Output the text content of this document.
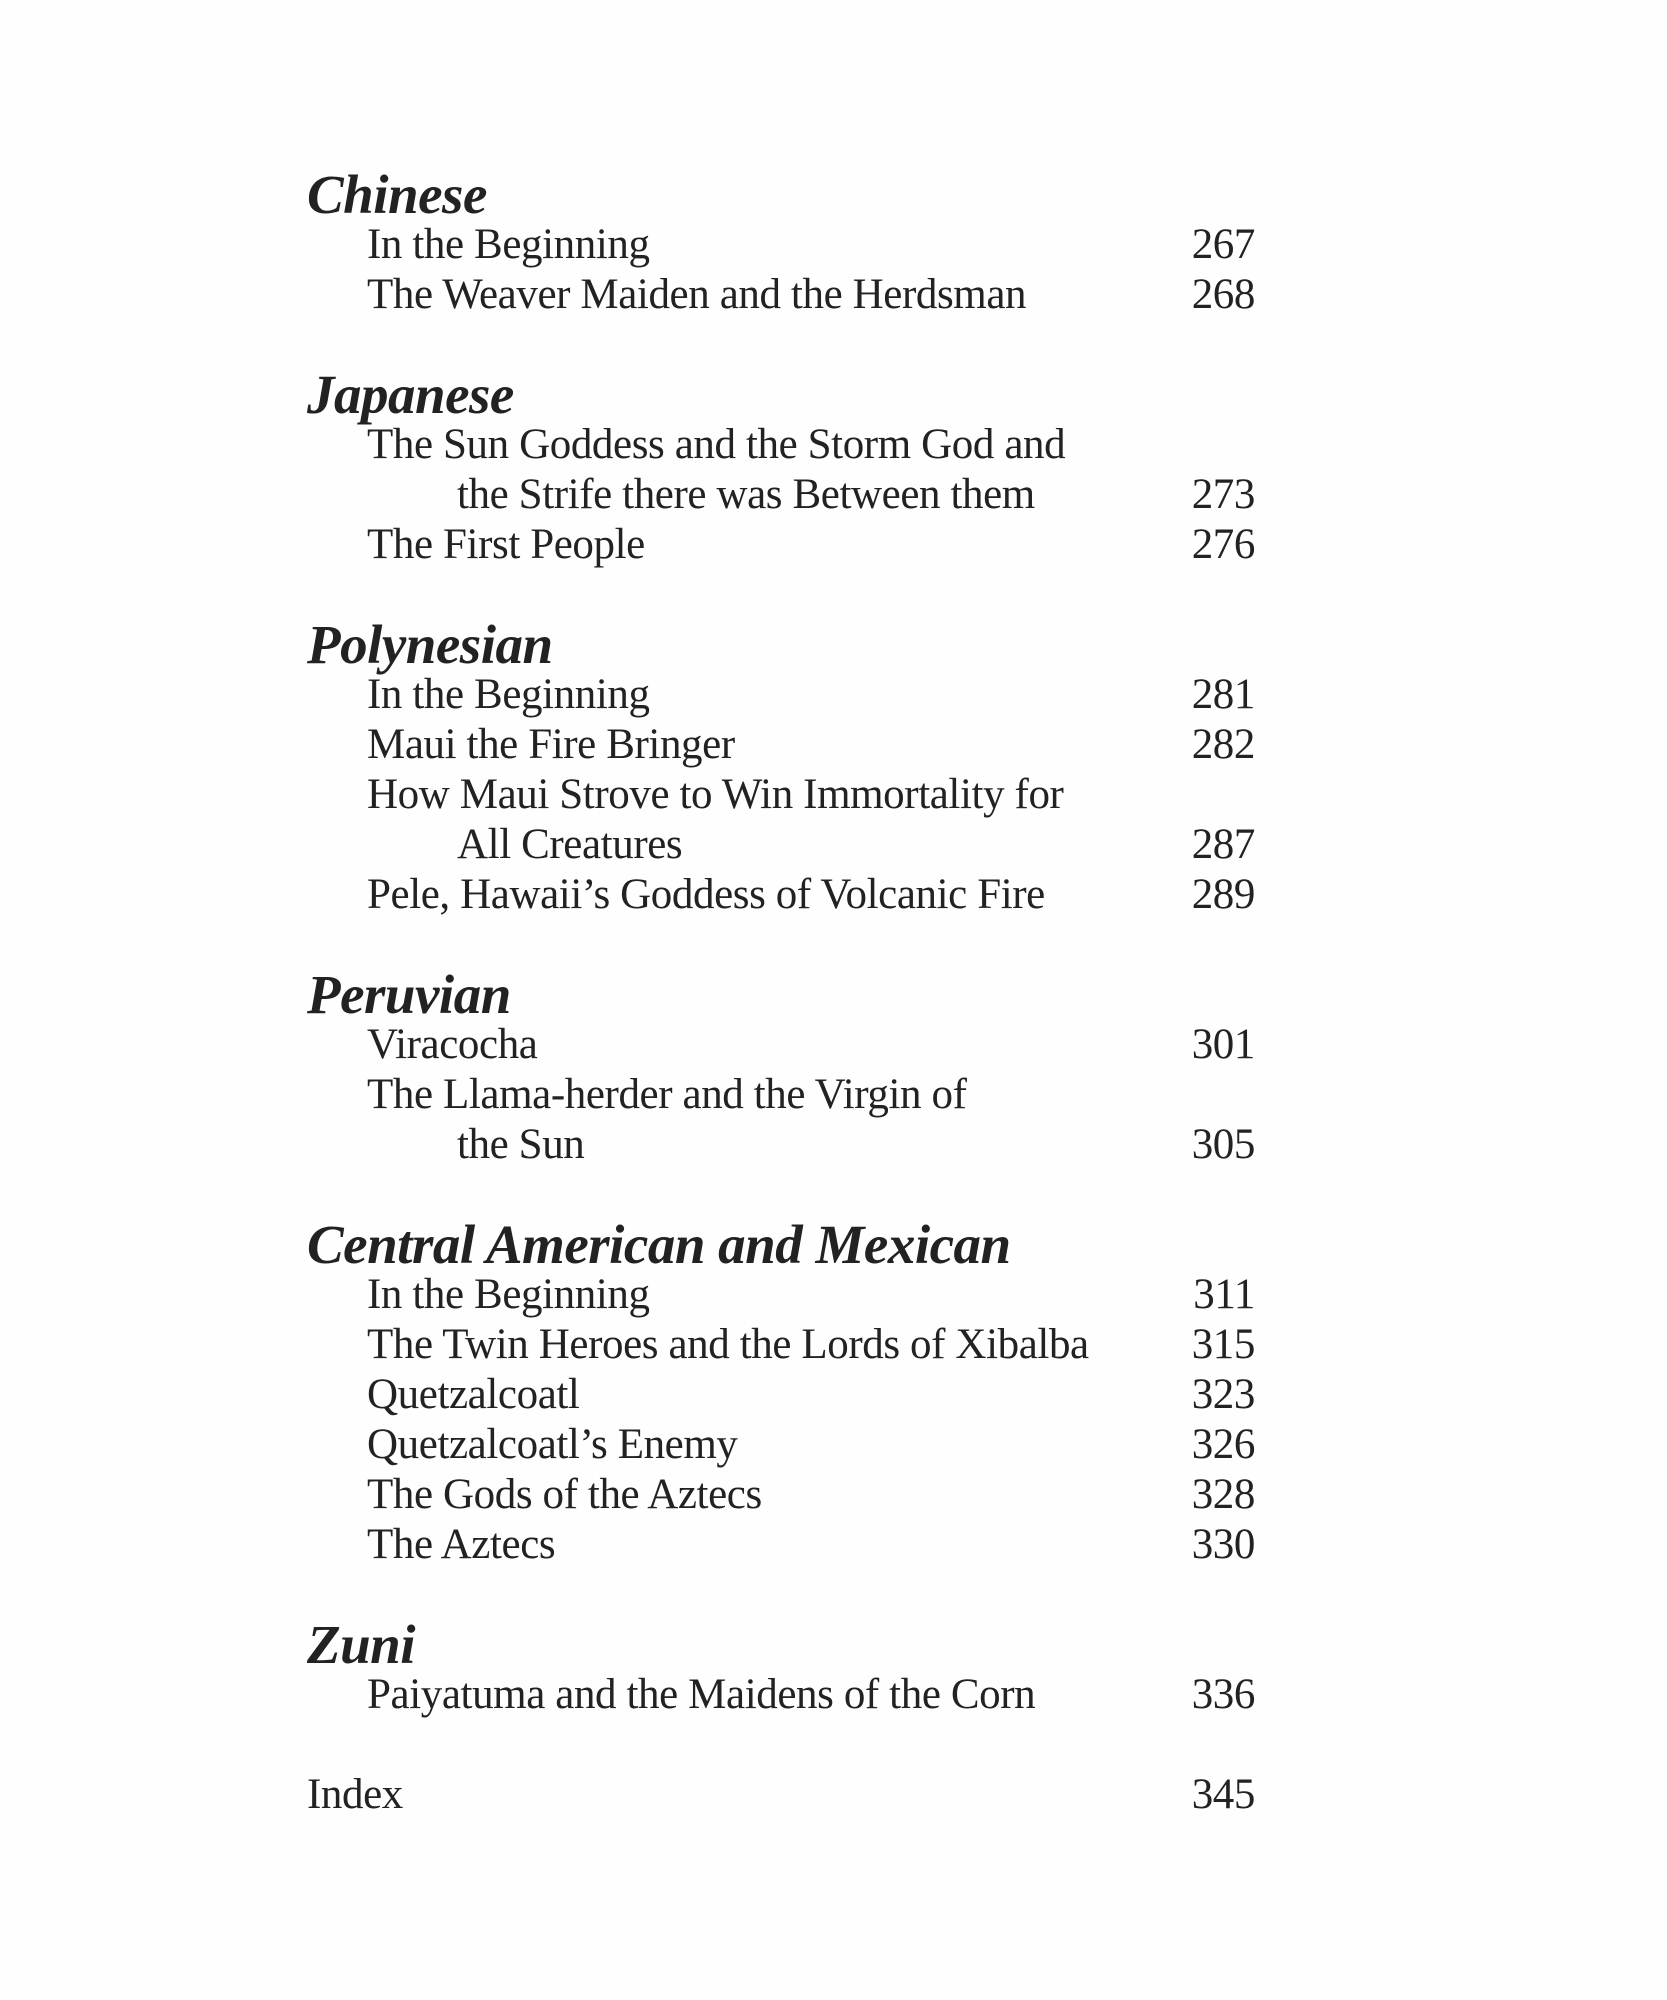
Chinese
In the Beginning	267
The Weaver Maiden and the Herdsman	268
Japanese
The Sun Goddess and the Storm God and
the Strife there was Between them	273
The First People	276
Polynesian
In the Beginning	281
Maui the Fire Bringer	282
How Maui Strove to Win Immortality for
All Creatures	287
Pele, Hawaii’s Goddess of Volcanic Fire	289
Peruvian
Viracocha	301
The Llama-herder and the Virgin of
the Sun	305
Central American and Mexican
In the Beginning	311
The Twin Heroes and the Lords of Xibalba 315
Quetzalcoatl	323
Quetzalcoatl’s Enemy	326
The Gods of the Aztecs	328
The Aztecs	330
Zuni
Paiyatuma and the Maidens of the Corn	336
Index	345
